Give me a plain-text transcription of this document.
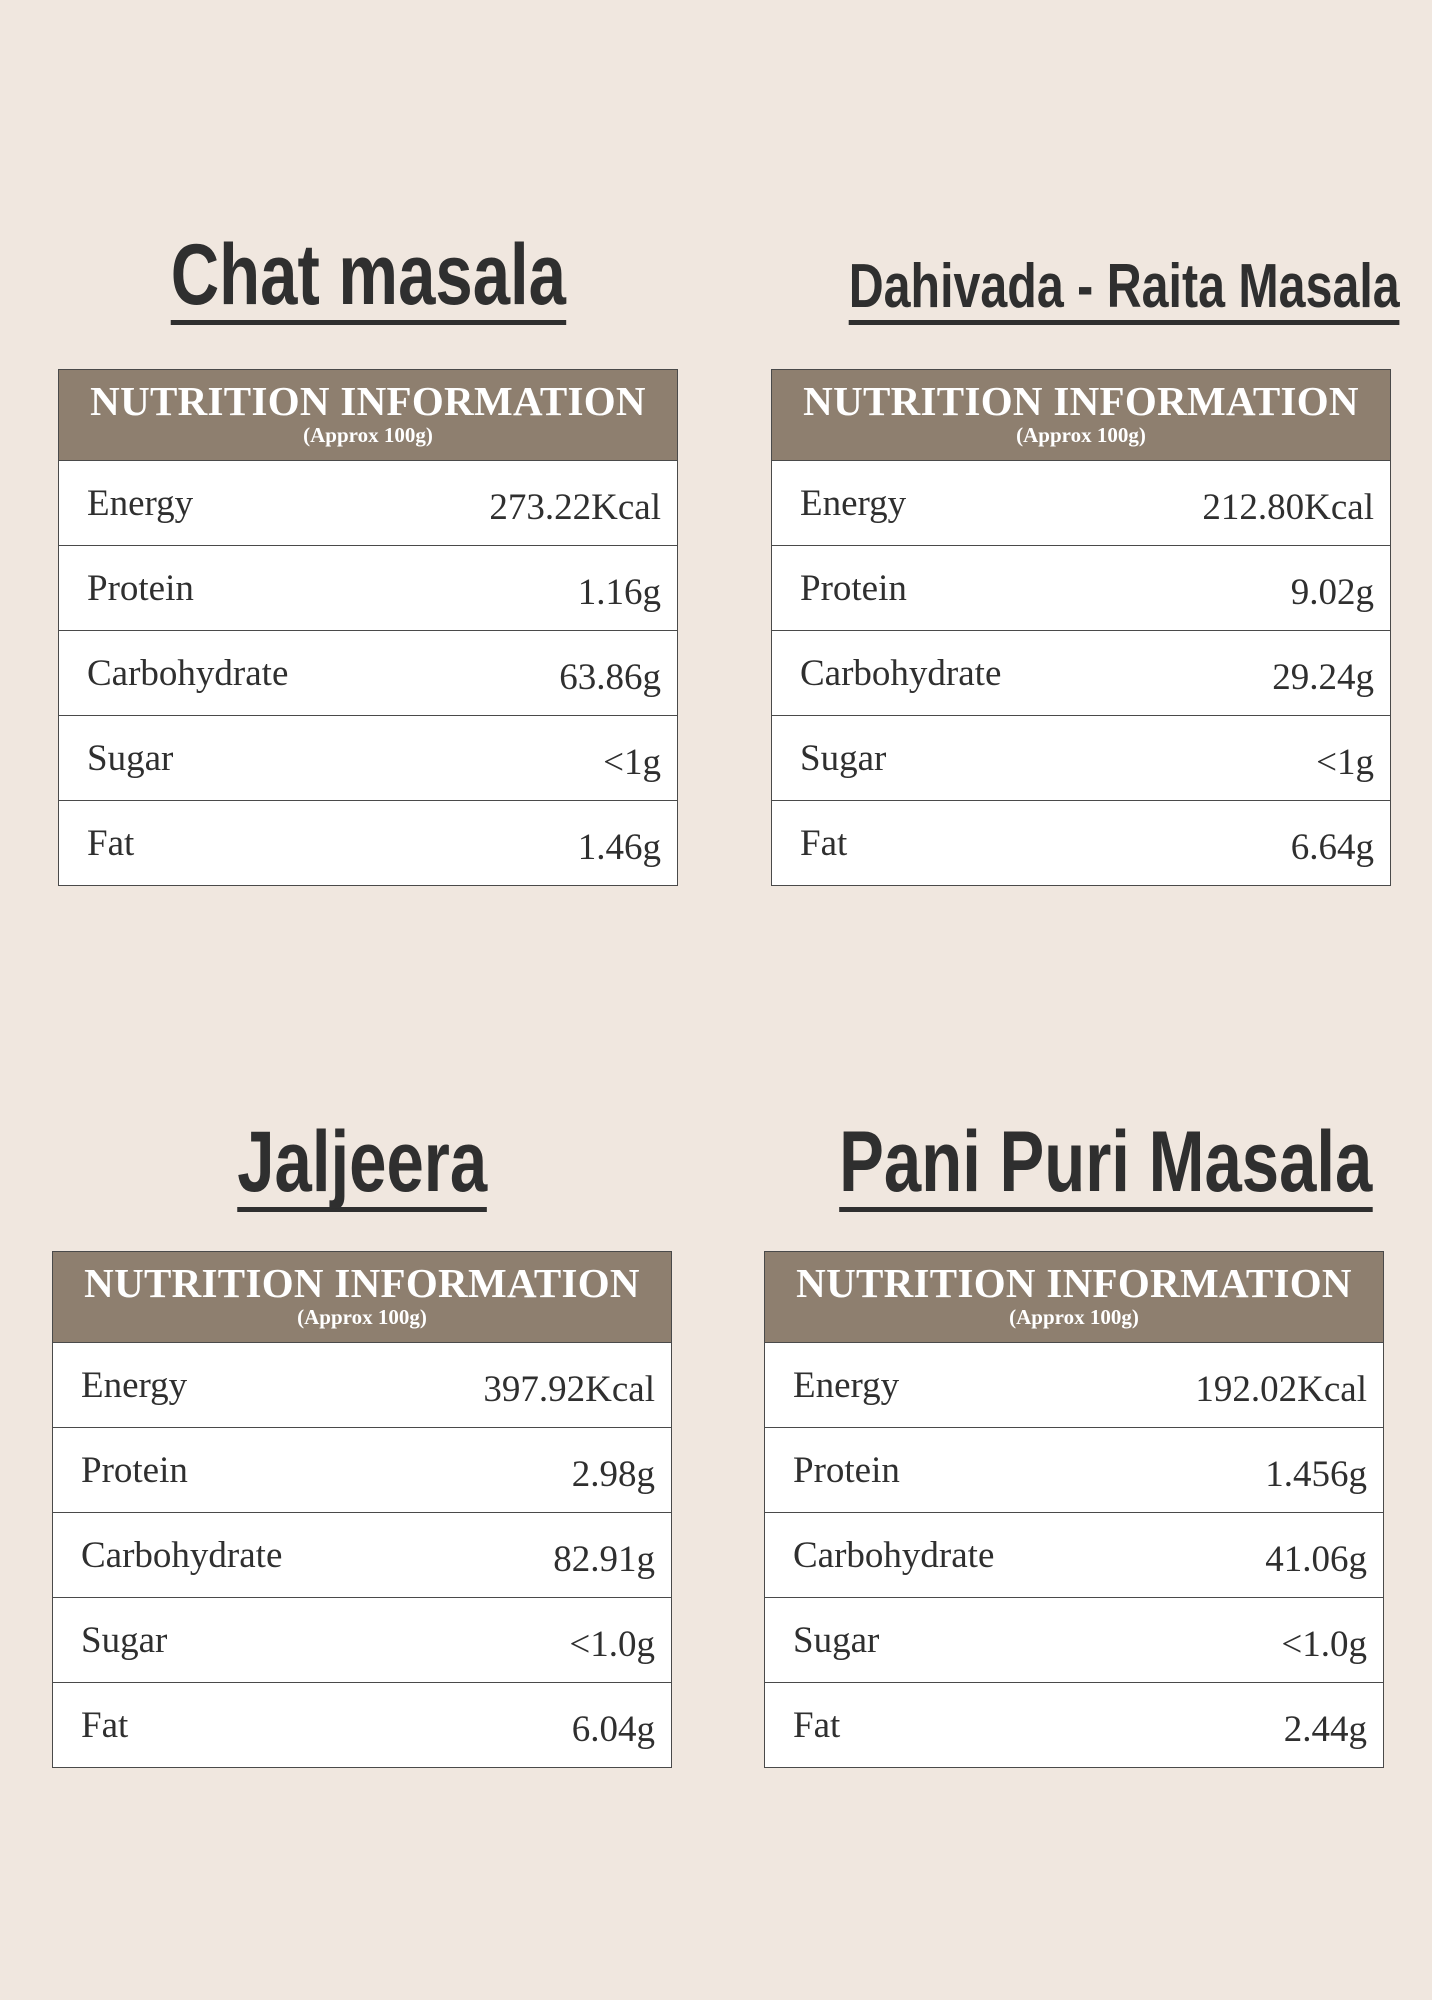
Chat masala
NUTRITION INFORMATION
(Approx 100g)
Energy	273.22Kcal
Protein	1.16g
Carbohydrate	63.86g
Sugar	<1g
Fat	1.46g
Dahivada - Raita Masala
NUTRITION INFORMATION
(Approx 100g)
Energy	212.80Kcal
Protein	9.02g
Carbohydrate	29.24g
Sugar	<1g
Fat	6.64g
Jaljeera
NUTRITION INFORMATION
(Approx 100g)
Energy	397.92Kcal
Protein	2.98g
Carbohydrate	82.91g
Sugar	<1.0g
Fat	6.04g
Pani Puri Masala
NUTRITION INFORMATION
(Approx 100g)
Energy	192.02Kcal
Protein	1.456g
Carbohydrate	41.06g
Sugar	<1.0g
Fat	2.44g
